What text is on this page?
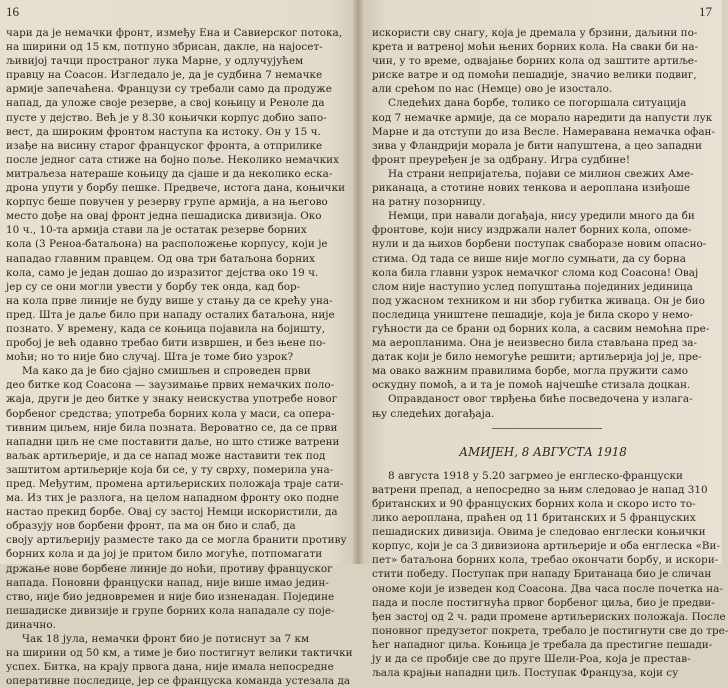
16
чари да је немачки фронт, између Ена и Савиерског потока,
на ширини од 15 км, потпуно збрисан, дакле, на најосет-
љивијој тачци пространог лука Марне, у одлучујућем
правцу на Соасон. Изгледало је, да је судбина 7 немачке
армије запечаћена. Французи су требали само да продуже
напад, да уложе своје резерве, а свој коњицу и Реноле да
пусте у дејство. Већ је у 8.30 коњички корпус добио запо-
вест, да широким фронтом наступа ка истоку. Он у 15 ч.
изађе на висину старог француског фронта, а отприлике
после једног сата стиже на бојно поље. Неколико немачких
митраљеза натераше коњицу да сјаше и да неколико ескa-
дрона упути у борбу пешке. Предвече, истога дана, коњички
корпус беше повучен у резерву групе армија, а на његово
место дође на овај фронт једна пешадиска дивизија. Око
10 ч., 10-та армија стави ла је остатак резерве борних
кола (3 Реноа-батаљона) на расположење корпусу, који је
нападао главним правцем. Од ова три батаљона борних
кола, само је један дошао до изразитог дејства око 19 ч.
јер су се они могли увести у борбу тек онда, кад бор-
на кола прве линије не буду више у стању да се крећу уна-
пред. Шта је даље било при нападу осталих батаљона, није
познато. У времену, када се коњица појавила на бојишту,
пробој је већ одавно требао бити извршен, и без њене по-
моћи; но то није био случај. Шта је томе био узрок?
Ма како да је био сјајно смишљен и спроведен први
део битке код Соасона — заузимање првих немачких поло-
жаја, други је део битке у знаку неискуства употребе новог
борбеног средства; употреба борних кола у маси, са опера-
тивним циљем, није била позната. Вероватно се, да се први
нападни циљ не сме поставити даље, но што стиже ватрени
ваљак артиљерије, и да се напад може наставити тек под
заштитом артиљерије која би се, у ту сврху, померила уна-
пред. Међутим, промена артиљериских положаја траје сати-
ма. Из тих је разлога, на целом нападном фронту око подне
настао прекид борбе. Овај су застој Немци искористили, да
образују нов борбени фронт, па ма он био и слаб, да
своју артиљерију разместе тако да се могла бранити противу
борних кола и да јој је притом било могуће, потпомагати
држање нове борбене линије до ноћи, противу француског
напада. Поновни француски напад, није више имао једин-
ство, није био једновремен и није био изненадан. Поједине
пешадиске дивизије и групе борних кола нападале су поје-
диначно.
Чак 18 јула, немачки фронт био је потиснут за 7 км
на ширини од 50 км, а тиме је био постигнут велики тактички
успех. Битка, на крају првога дана, није имала непосредне
оперативне последице, јер се француска команда устезала да
17
искористи сву снагу, која је дремала у брзини, даљини по-
крета и ватреној моћи њених борних кола. На сваки би на-
чин, у то време, одвајање борних кола од заштите артиље-
риске ватре и од помоћи пешадије, значио велики подвиг,
али срећом по нас (Немце) ово је изостало.
Следећих дана борбе, толико се погоршала ситуација
код 7 немачке армије, да се морало наредити да напусти лук
Марне и да отступи до иза Весле. Намеравана немачка офан-
зива у Фландрији морала је бити напуштена, а цео западни
фронт преуређен је за одбрану. Игра судбине!
На страни непријатеља, појави се милион свежих Аме-
риканаца, а стотине нових тенкова и аероплана изиђоше
на ратну позорницу.
Немци, при навали догађаја, нису уредили много да би
фронтове, који нису издржали налет борних кола, опоме-
нули и да њихов борбени поступак сваборазе новим опасно-
стима. Од тада се више није могло сумњати, да су борна
кола била главни узрок немачког слома код Соасона! Овај
слом није наступио услед попуштања појединих јединица
под ужасном техником и ни збор губитка живаца. Он је био
последица уништене пешадије, која је била скоро у немо-
гућности да се брани од борних кола, а сасвим немоћна пре-
ма аеропланима. Она је неизвесно била стављана пред за-
датак који је било немогуће решити; артиљерија јој је, пре-
ма овако важним правилима борбе, могла пружити само
оскудну помоћ, а и та је помоћ најчешће стизала доцкан.
Оправданост овог тврђења биће посведочена у излага-
њу следећих догађаја.
АМИЈЕН, 8 АВГУСТА 1918
8 августа 1918 у 5.20 загрмео је енглеско-француски
ватрени препад, а непосредно за њим следовао је напад 310
британских и 90 француских борних кола и скоро исто то-
лико аероплана, праћен од 11 британских и 5 француских
пешадиских дивизија. Овима је следовао енглески коњички
корпус, који је са 3 дивизиона артиљерије и оба енглеска «Ви-
пет» батаљона борних кола, требао окончати борбу, и искори-
стити победу. Поступак при нападу Британаца био је сличан
ономе који је изведен код Соасона. Два часа после почетка на-
пада и после постигнућа првог борбеног циља, био је предви-
ђен застој од 2 ч. ради промене артиљериских положаја. После
поновног предузетог покрета, требало је постигнути све до тре-
ћег нападног циља. Коњица је требала да престигне пешади-
ју и да се пробије све до пруге Шели-Роа, која је престав-
љала крајњи нападни циљ. Поступак Француза, који су
